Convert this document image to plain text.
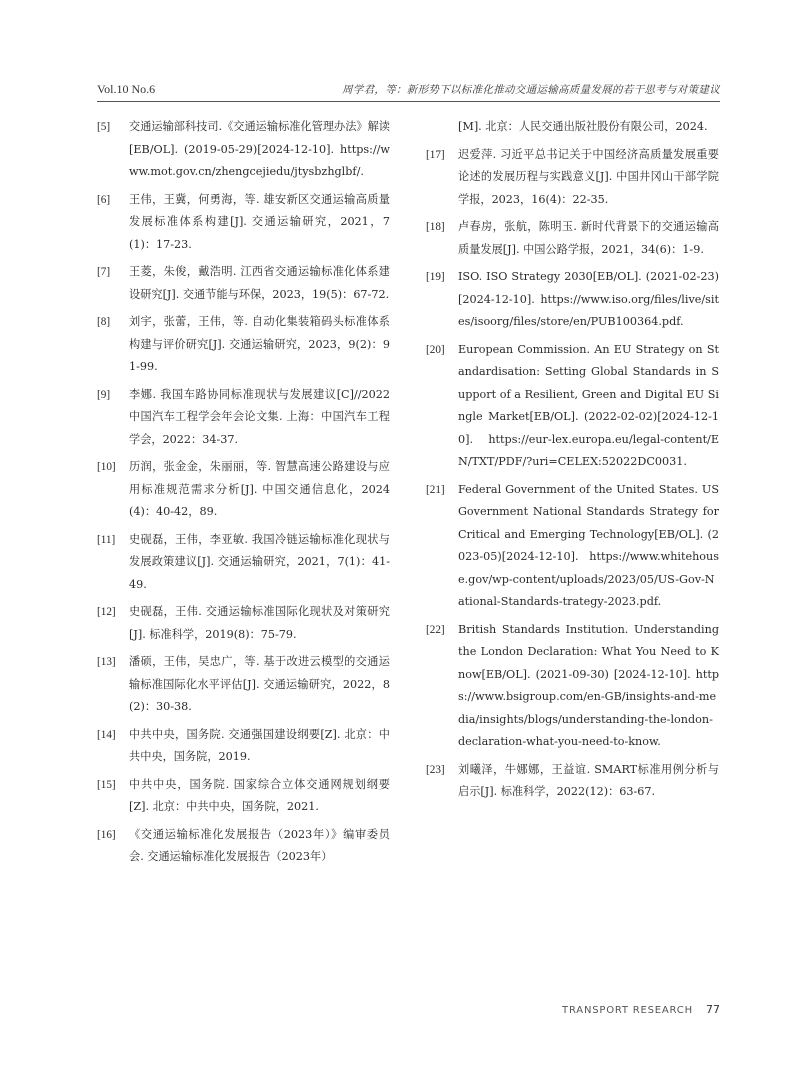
Vol.10 No.6	周学君，等：新形势下以标准化推动交通运输高质量发展的若干思考与对策建议
[5] 交通运输部科技司.《交通运输标准化管理办法》解读[EB/OL]. (2019-05-29)[2024-12-10]. https://www.mot.gov.cn/zhengcejiedu/jtysbzhglbf/.
[6] 王伟，王冀，何勇海，等. 雄安新区交通运输高质量发展标准体系构建[J]. 交通运输研究，2021，7(1)：17-23.
[7] 王菱，朱俊，戴浩明. 江西省交通运输标准化体系建设研究[J]. 交通节能与环保，2023，19(5)：67-72.
[8] 刘宇，张蕾，王伟，等. 自动化集装箱码头标准体系构建与评价研究[J]. 交通运输研究，2023，9(2)：91-99.
[9] 李娜. 我国车路协同标准现状与发展建议[C]//2022中国汽车工程学会年会论文集. 上海：中国汽车工程学会，2022：34-37.
[10] 历润，张金金，朱丽丽，等. 智慧高速公路建设与应用标准规范需求分析[J]. 中国交通信息化，2024(4)：40-42，89.
[11] 史砚磊，王伟，李亚敏. 我国冷链运输标准化现状与发展政策建议[J]. 交通运输研究，2021，7(1)：41-49.
[12] 史砚磊，王伟. 交通运输标准国际化现状及对策研究[J]. 标准科学，2019(8)：75-79.
[13] 潘硕，王伟，吴忠广，等. 基于改进云模型的交通运输标准国际化水平评估[J]. 交通运输研究，2022，8(2)：30-38.
[14] 中共中央，国务院. 交通强国建设纲要[Z]. 北京：中共中央，国务院，2019.
[15] 中共中央，国务院. 国家综合立体交通网规划纲要[Z]. 北京：中共中央，国务院，2021.
[16] 《交通运输标准化发展报告（2023年）》编审委员会. 交通运输标准化发展报告（2023年）
[M]. 北京：人民交通出版社股份有限公司，2024.
[17] 迟爱萍. 习近平总书记关于中国经济高质量发展重要论述的发展历程与实践意义[J]. 中国井冈山干部学院学报，2023，16(4)：22-35.
[18] 卢春房，张航，陈明玉. 新时代背景下的交通运输高质量发展[J]. 中国公路学报，2021，34(6)：1-9.
[19] ISO. ISO Strategy 2030[EB/OL]. (2021-02-23)[2024-12-10]. https://www.iso.org/files/live/sites/isoorg/files/store/en/PUB100364.pdf.
[20] European Commission. An EU Strategy on Standardisation: Setting Global Standards in Support of a Resilient, Green and Digital EU Single Market[EB/OL]. (2022-02-02)[2024-12-10]. https://eur-lex.europa.eu/legal-content/EN/TXT/PDF/?uri=CELEX:52022DC0031.
[21] Federal Government of the United States. US Government National Standards Strategy for Critical and Emerging Technology[EB/OL]. (2023-05)[2024-12-10]. https://www.whitehouse.gov/wp-content/uploads/2023/05/US-Gov-National-Standards-trategy-2023.pdf.
[22] British Standards Institution. Understanding the London Declaration: What You Need to Know[EB/OL]. (2021-09-30) [2024-12-10]. https://www.bsigroup.com/en-GB/insights-and-media/insights/blogs/understanding-the-london-declaration-what-you-need-to-know.
[23] 刘曦泽，牛娜娜，王益谊. SMART标准用例分析与启示[J]. 标准科学，2022(12)：63-67.
TRANSPORT RESEARCH 77
